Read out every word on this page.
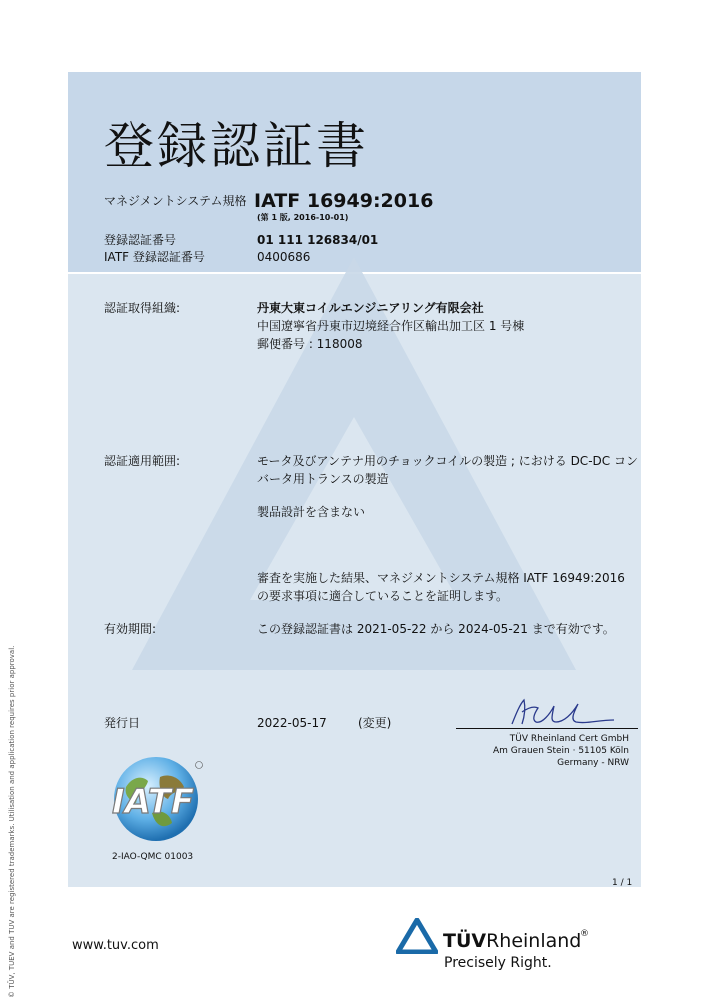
© TÜV, TUEV and TUV are registered trademarks. Utilisation and application requires prior approval.
登録認証書
マネジメントシステム規格 IATF 16949:2016
(第 1 版, 2016-10-01)
登録認証番号	01 111 126834/01
IATF 登録認証番号	0400686
認証取得組織:	丹東大東コイルエンジニアリング有限会社
中国遼寧省丹東市辺境経合作区輸出加工区 1 号棟
郵便番号 : 118008
認証適用範囲:	モータ及びアンテナ用のチョックコイルの製造 ; における DC-DC コン
バータ用トランスの製造
製品設計を含まない
審査を実施した結果、マネジメントシステム規格 IATF 16949:2016
の要求事項に適合していることを証明します。
有効期間:	この登録認証書は 2021-05-22 から 2024-05-21 まで有効です。
発行日	2022-05-17	(変更)
TÜV Rheinland Cert GmbH
Am Grauen Stein · 51105 Köln
Germany - NRW
IATF
2-IAO-QMC 01003
1 / 1
www.tuv.com	TÜVRheinland
®
Precisely Right.
